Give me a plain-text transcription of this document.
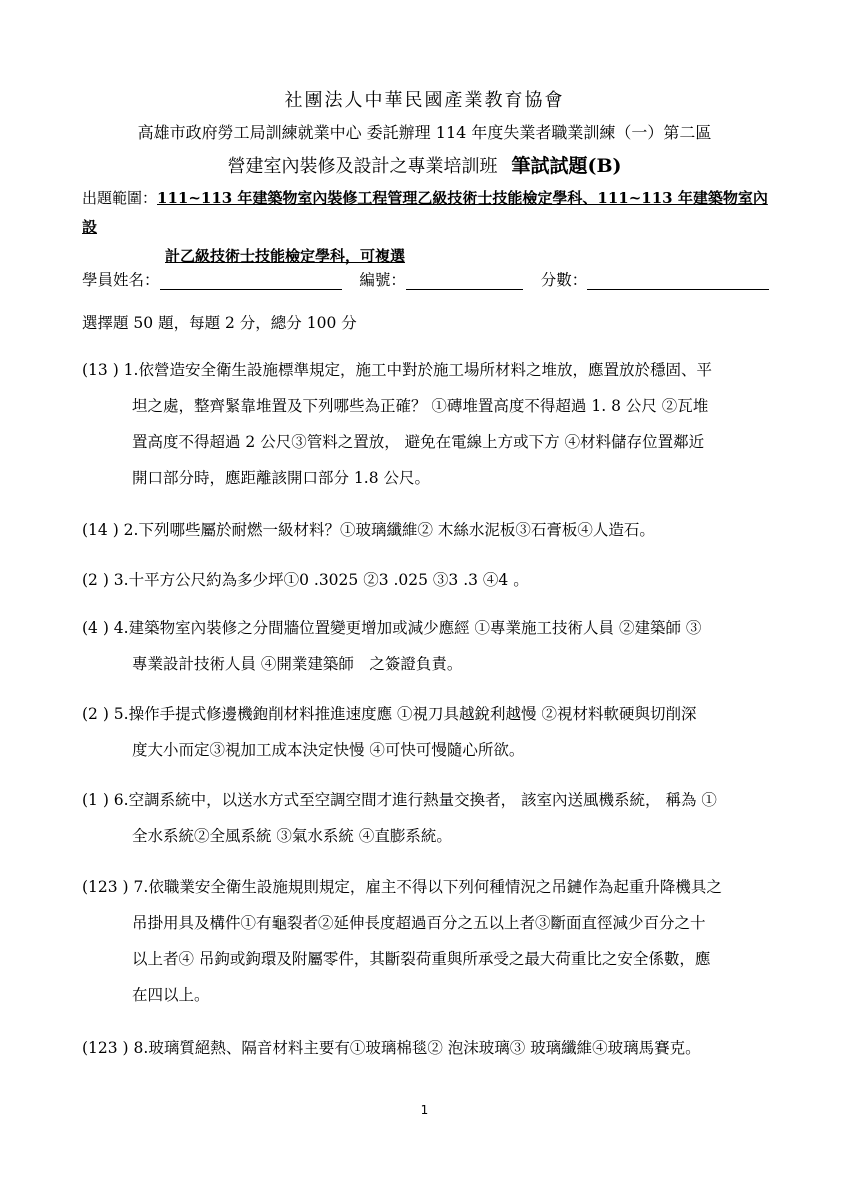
社團法人中華民國產業教育協會
高雄市政府勞工局訓練就業中心 委託辦理 114 年度失業者職業訓練（一）第二區
營建室內裝修及設計之專業培訓班 筆試試題(B)
出題範圍：111~113 年建築物室內裝修工程管理乙級技術士技能檢定學科、111~113 年建築物室內設
計乙級技術士技能檢定學科，可複選
學員姓名：	編號：	分數：
選擇題 50 題，每題 2 分，總分 100 分
(13 ) 1.依營造安全衛生設施標準規定，施工中對於施工場所材料之堆放，應置放於穩固、平
坦之處，整齊緊靠堆置及下列哪些為正確？ ①磚堆置高度不得超過 1. 8 公尺 ②瓦堆
置高度不得超過 2 公尺③管料之置放， 避免在電線上方或下方 ④材料儲存位置鄰近
開口部分時，應距離該開口部分 1.8 公尺。
(14 ) 2.下列哪些屬於耐燃一級材料？①玻璃纖維② 木絲水泥板③石膏板④人造石。
(2 ) 3.十平方公尺約為多少坪①0 .3025 ②3 .025 ③3 .3 ④4 。
(4 ) 4.建築物室內裝修之分間牆位置變更增加或減少應經 ①專業施工技術人員 ②建築師 ③
專業設計技術人員 ④開業建築師　之簽證負責。
(2 ) 5.操作手提式修邊機鉋削材料推進速度應 ①視刀具越銳利越慢 ②視材料軟硬與切削深
度大小而定③視加工成本決定快慢 ④可快可慢隨心所欲。
(1 ) 6.空調系統中，以送水方式至空調空間才進行熱量交換者， 該室內送風機系統， 稱為 ①
全水系統②全風系統 ③氣水系統 ④直膨系統。
(123 ) 7.依職業安全衛生設施規則規定，雇主不得以下列何種情況之吊鏈作為起重升降機具之
吊掛用具及構件①有龜裂者②延伸長度超過百分之五以上者③斷面直徑減少百分之十
以上者④ 吊鉤或鉤環及附屬零件，其斷裂荷重與所承受之最大荷重比之安全係數，應
在四以上。
(123 ) 8.玻璃質絕熱、隔音材料主要有①玻璃棉毯② 泡沫玻璃③ 玻璃纖維④玻璃馬賽克。
1
